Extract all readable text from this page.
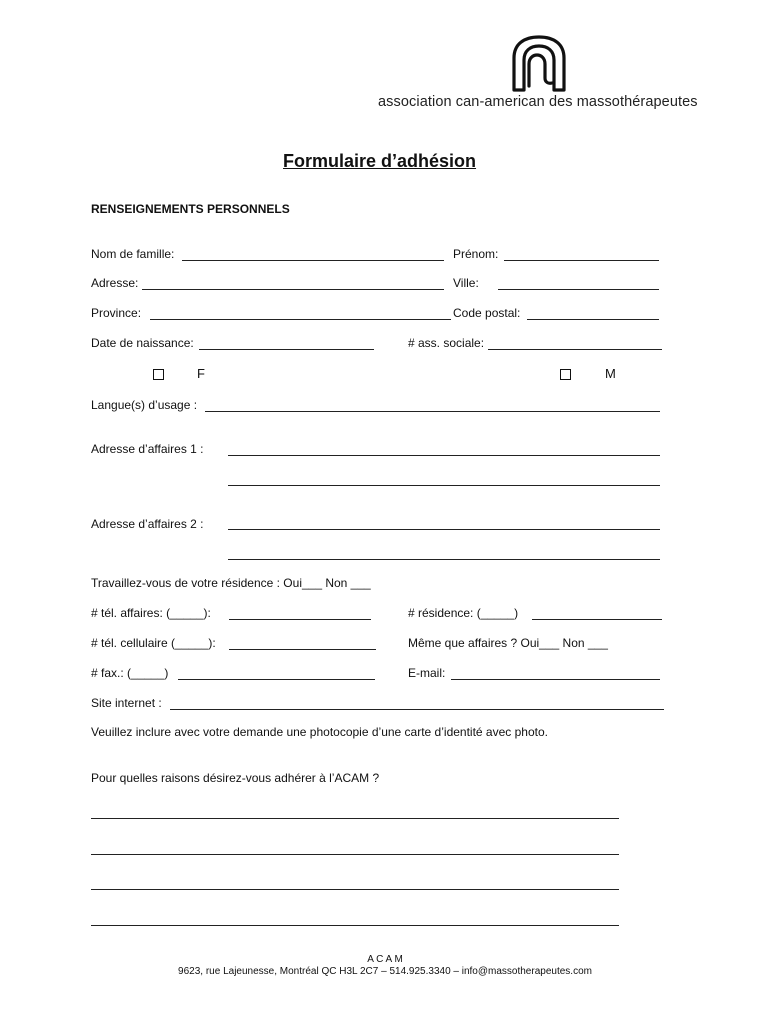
association can-american des massothérapeutes
Formulaire d’adhésion
RENSEIGNEMENTS PERSONNELS
Nom de famille:	Prénom:
Adresse:	Ville:
Province:	Code postal:
Date de naissance:	# ass. sociale:
F	M
Langue(s) d’usage :
Adresse d’affaires 1 :
Adresse d’affaires 2 :
Travaillez-vous de votre résidence : Oui___ Non ___
# tél. affaires: (_____):	# résidence: (_____)
# tél. cellulaire (_____):	Même que affaires ? Oui___ Non ___
# fax.: (_____)	E-mail:
Site internet :
Veuillez inclure avec votre demande une photocopie d’une carte d’identité avec photo.
Pour quelles raisons désirez-vous adhérer à l’ACAM ?
A C A M
9623, rue Lajeunesse, Montréal QC H3L 2C7 – 514.925.3340 – info@massotherapeutes.com
